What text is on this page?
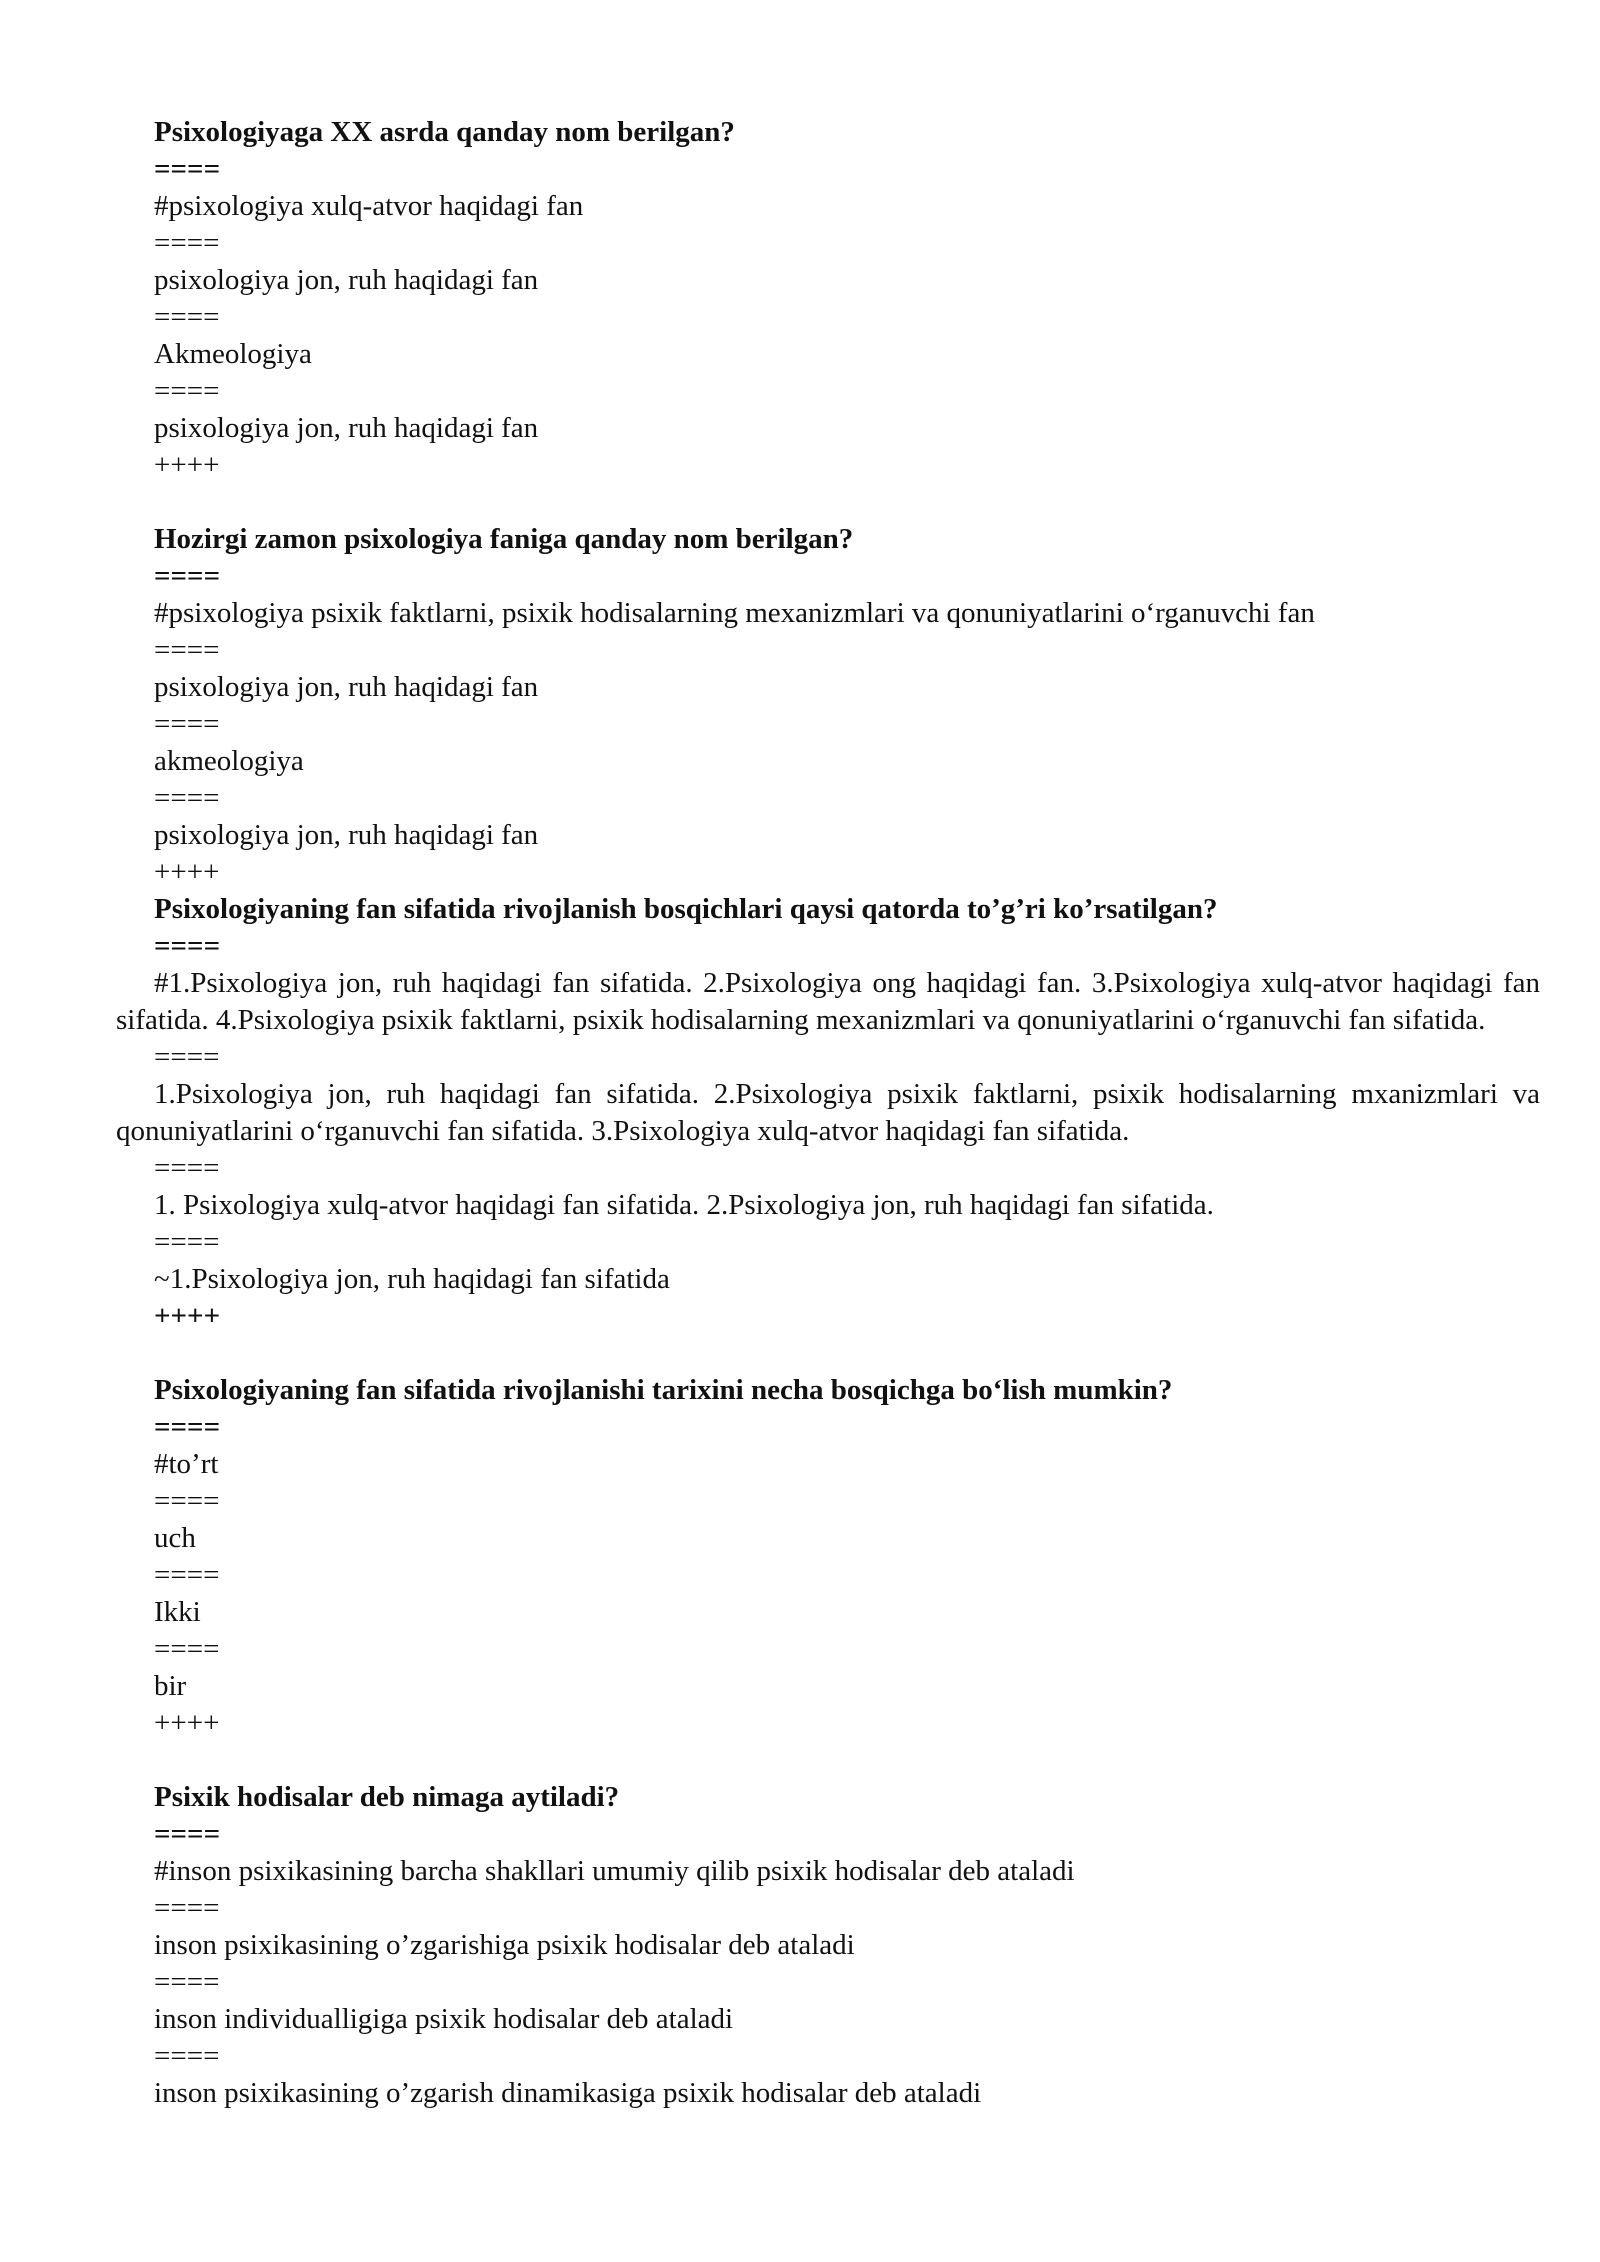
Psixologiyaga XX asrda qanday nom berilgan?
====
#psixologiya xulq-atvor haqidagi fan
====
psixologiya jon, ruh haqidagi fan
====
Akmeologiya
====
psixologiya jon, ruh haqidagi fan
++++
Hozirgi zamon psixologiya faniga qanday nom berilgan?
====
#psixologiya psixik faktlarni, psixik hodisalarning mexanizmlari va qonuniyatlarini o‘rganuvchi fan
====
psixologiya jon, ruh haqidagi fan
====
akmeologiya
====
psixologiya jon, ruh haqidagi fan
++++
Psixologiyaning fan sifatida rivojlanish bosqichlari qaysi qatorda to’g’ri ko’rsatilgan?
====
#1.Psixologiya jon, ruh haqidagi fan sifatida. 2.Psixologiya ong haqidagi fan. 3.Psixologiya xulq-atvor haqidagi fan sifatida. 4.Psixologiya psixik faktlarni, psixik hodisalarning mexanizmlari va qonuniyatlarini o‘rganuvchi fan sifatida.
====
1.Psixologiya jon, ruh haqidagi fan sifatida. 2.Psixologiya psixik faktlarni, psixik hodisalarning mxanizmlari va qonuniyatlarini o‘rganuvchi fan sifatida. 3.Psixologiya xulq-atvor haqidagi fan sifatida.
====
1. Psixologiya xulq-atvor haqidagi fan sifatida. 2.Psixologiya jon, ruh haqidagi fan sifatida.
====
~1.Psixologiya jon, ruh haqidagi fan sifatida
++++
Psixologiyaning fan sifatida rivojlanishi tarixini necha bosqichga bo‘lish mumkin?
====
#to’rt
====
uch
====
Ikki
====
bir
++++
Psixik hodisalar deb nimaga aytiladi?
====
#inson psixikasining barcha shakllari umumiy qilib psixik hodisalar deb ataladi
====
inson psixikasining o’zgarishiga psixik hodisalar deb ataladi
====
inson individualligiga psixik hodisalar deb ataladi
====
inson psixikasining o’zgarish dinamikasiga psixik hodisalar deb ataladi
